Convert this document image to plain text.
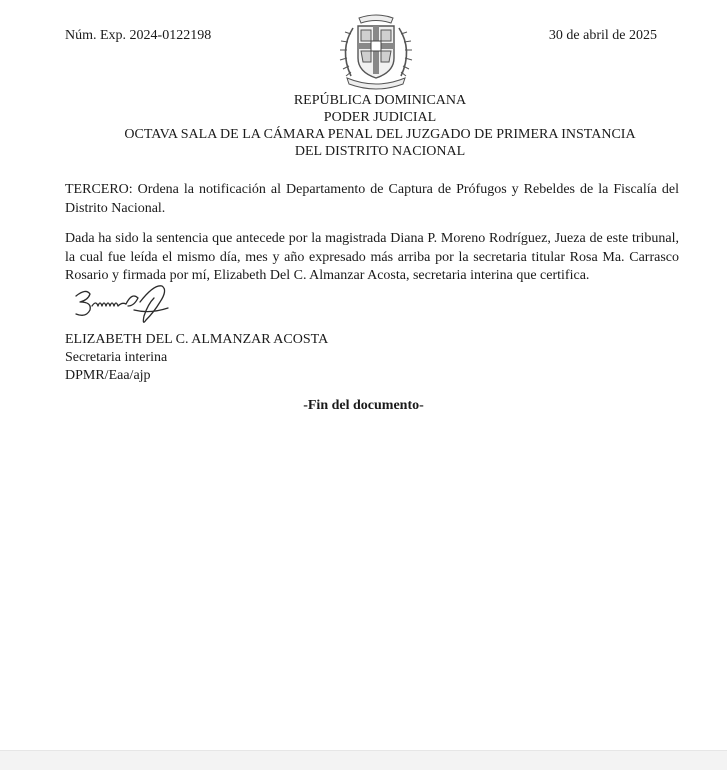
Núm. Exp. 2024-0122198	30 de abril de 2025
REPÚBLICA DOMINICANA
PODER JUDICIAL
OCTAVA SALA DE LA CÁMARA PENAL DEL JUZGADO DE PRIMERA INSTANCIA
DEL DISTRITO NACIONAL
TERCERO: Ordena la notificación al Departamento de Captura de Prófugos y Rebeldes de la Fiscalía del Distrito Nacional.
Dada ha sido la sentencia que antecede por la magistrada Diana P. Moreno Rodríguez, Jueza de este tribunal, la cual fue leída el mismo día, mes y año expresado más arriba por la secretaria titular Rosa Ma. Carrasco Rosario y firmada por mí, Elizabeth Del C. Almanzar Acosta, secretaria interina que certifica.
ELIZABETH DEL C. ALMANZAR ACOSTA
Secretaria interina
DPMR/Eaa/ajp
-Fin del documento-
